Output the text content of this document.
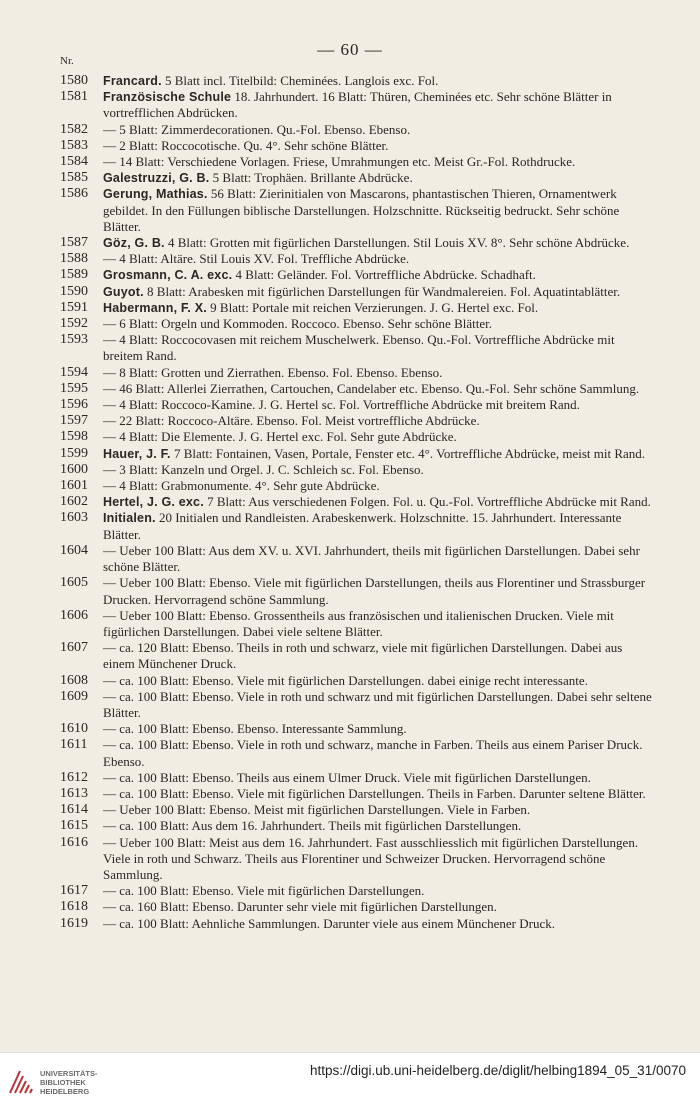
— 60 —
Nr.
1580	Francard. 5 Blatt incl. Titelbild: Cheminées. Langlois exc. Fol.
1581	Französische Schule 18. Jahrhundert. 16 Blatt: Thüren, Cheminées etc. Sehr schöne Blätter in vortrefflichen Abdrücken.
1582	— 5 Blatt: Zimmerdecorationen. Qu.-Fol. Ebenso. Ebenso.
1583	— 2 Blatt: Roccocotische. Qu. 4°. Sehr schöne Blätter.
1584	— 14 Blatt: Verschiedene Vorlagen. Friese, Umrahmungen etc. Meist Gr.-Fol. Rothdrucke.
1585	Galestruzzi, G. B. 5 Blatt: Trophäen. Brillante Abdrücke.
1586	Gerung, Mathias. 56 Blatt: Zierinitialen von Mascarons, phantastischen Thieren, Ornamentwerk gebildet. In den Füllungen biblische Darstellungen. Holzschnitte. Rückseitig bedruckt. Sehr schöne Blätter.
1587	Göz, G. B. 4 Blatt: Grotten mit figürlichen Darstellungen. Stil Louis XV. 8°. Sehr schöne Abdrücke.
1588	— 4 Blatt: Altäre. Stil Louis XV. Fol. Treffliche Abdrücke.
1589	Grosmann, C. A. exc. 4 Blatt: Geländer. Fol. Vortreffliche Abdrücke. Schadhaft.
1590	Guyot. 8 Blatt: Arabesken mit figürlichen Darstellungen für Wandmalereien. Fol. Aquatintablätter.
1591	Habermann, F. X. 9 Blatt: Portale mit reichen Verzierungen. J. G. Hertel exc. Fol.
1592	— 6 Blatt: Orgeln und Kommoden. Roccoco. Ebenso. Sehr schöne Blätter.
1593	— 4 Blatt: Roccocovasen mit reichem Muschelwerk. Ebenso. Qu.-Fol. Vortreffliche Abdrücke mit breitem Rand.
1594	— 8 Blatt: Grotten und Zierrathen. Ebenso. Fol. Ebenso. Ebenso.
1595	— 46 Blatt: Allerlei Zierrathen, Cartouchen, Candelaber etc. Ebenso. Qu.-Fol. Sehr schöne Sammlung.
1596	— 4 Blatt: Roccoco-Kamine. J. G. Hertel sc. Fol. Vortreffliche Abdrücke mit breitem Rand.
1597	— 22 Blatt: Roccoco-Altäre. Ebenso. Fol. Meist vortreffliche Abdrücke.
1598	— 4 Blatt: Die Elemente. J. G. Hertel exc. Fol. Sehr gute Abdrücke.
1599	Hauer, J. F. 7 Blatt: Fontainen, Vasen, Portale, Fenster etc. 4°. Vortreffliche Abdrücke, meist mit Rand.
1600	— 3 Blatt: Kanzeln und Orgel. J. C. Schleich sc. Fol. Ebenso.
1601	— 4 Blatt: Grabmonumente. 4°. Sehr gute Abdrücke.
1602	Hertel, J. G. exc. 7 Blatt: Aus verschiedenen Folgen. Fol. u. Qu.-Fol. Vortreffliche Abdrücke mit Rand.
1603	Initialen. 20 Initialen und Randleisten. Arabeskenwerk. Holzschnitte. 15. Jahrhundert. Interessante Blätter.
1604	— Ueber 100 Blatt: Aus dem XV. u. XVI. Jahrhundert, theils mit figürlichen Darstellungen. Dabei sehr schöne Blätter.
1605	— Ueber 100 Blatt: Ebenso. Viele mit figürlichen Darstellungen, theils aus Florentiner und Strassburger Drucken. Hervorragend schöne Sammlung.
1606	— Ueber 100 Blatt: Ebenso. Grossentheils aus französischen und italienischen Drucken. Viele mit figürlichen Darstellungen. Dabei viele seltene Blätter.
1607	— ca. 120 Blatt: Ebenso. Theils in roth und schwarz, viele mit figürlichen Darstellungen. Dabei aus einem Münchener Druck.
1608	— ca. 100 Blatt: Ebenso. Viele mit figürlichen Darstellungen. dabei einige recht interessante.
1609	— ca. 100 Blatt: Ebenso. Viele in roth und schwarz und mit figürlichen Darstellungen. Dabei sehr seltene Blätter.
1610	— ca. 100 Blatt: Ebenso. Ebenso. Interessante Sammlung.
1611	— ca. 100 Blatt: Ebenso. Viele in roth und schwarz, manche in Farben. Theils aus einem Pariser Druck. Ebenso.
1612	— ca. 100 Blatt: Ebenso. Theils aus einem Ulmer Druck. Viele mit figürlichen Darstellungen.
1613	— ca. 100 Blatt: Ebenso. Viele mit figürlichen Darstellungen. Theils in Farben. Darunter seltene Blätter.
1614	— Ueber 100 Blatt: Ebenso. Meist mit figürlichen Darstellungen. Viele in Farben.
1615	— ca. 100 Blatt: Aus dem 16. Jahrhundert. Theils mit figürlichen Darstellungen.
1616	— Ueber 100 Blatt: Meist aus dem 16. Jahrhundert. Fast ausschliesslich mit figürlichen Darstellungen. Viele in roth und Schwarz. Theils aus Florentiner und Schweizer Drucken. Hervorragend schöne Sammlung.
1617	— ca. 100 Blatt: Ebenso. Viele mit figürlichen Darstellungen.
1618	— ca. 160 Blatt: Ebenso. Darunter sehr viele mit figürlichen Darstellungen.
1619	— ca. 100 Blatt: Aehnliche Sammlungen. Darunter viele aus einem Münchener Druck.
UNIVERSITÄTS-
BIBLIOTHEK
HEIDELBERG
https://digi.ub.uni-heidelberg.de/diglit/helbing1894_05_31/0070
